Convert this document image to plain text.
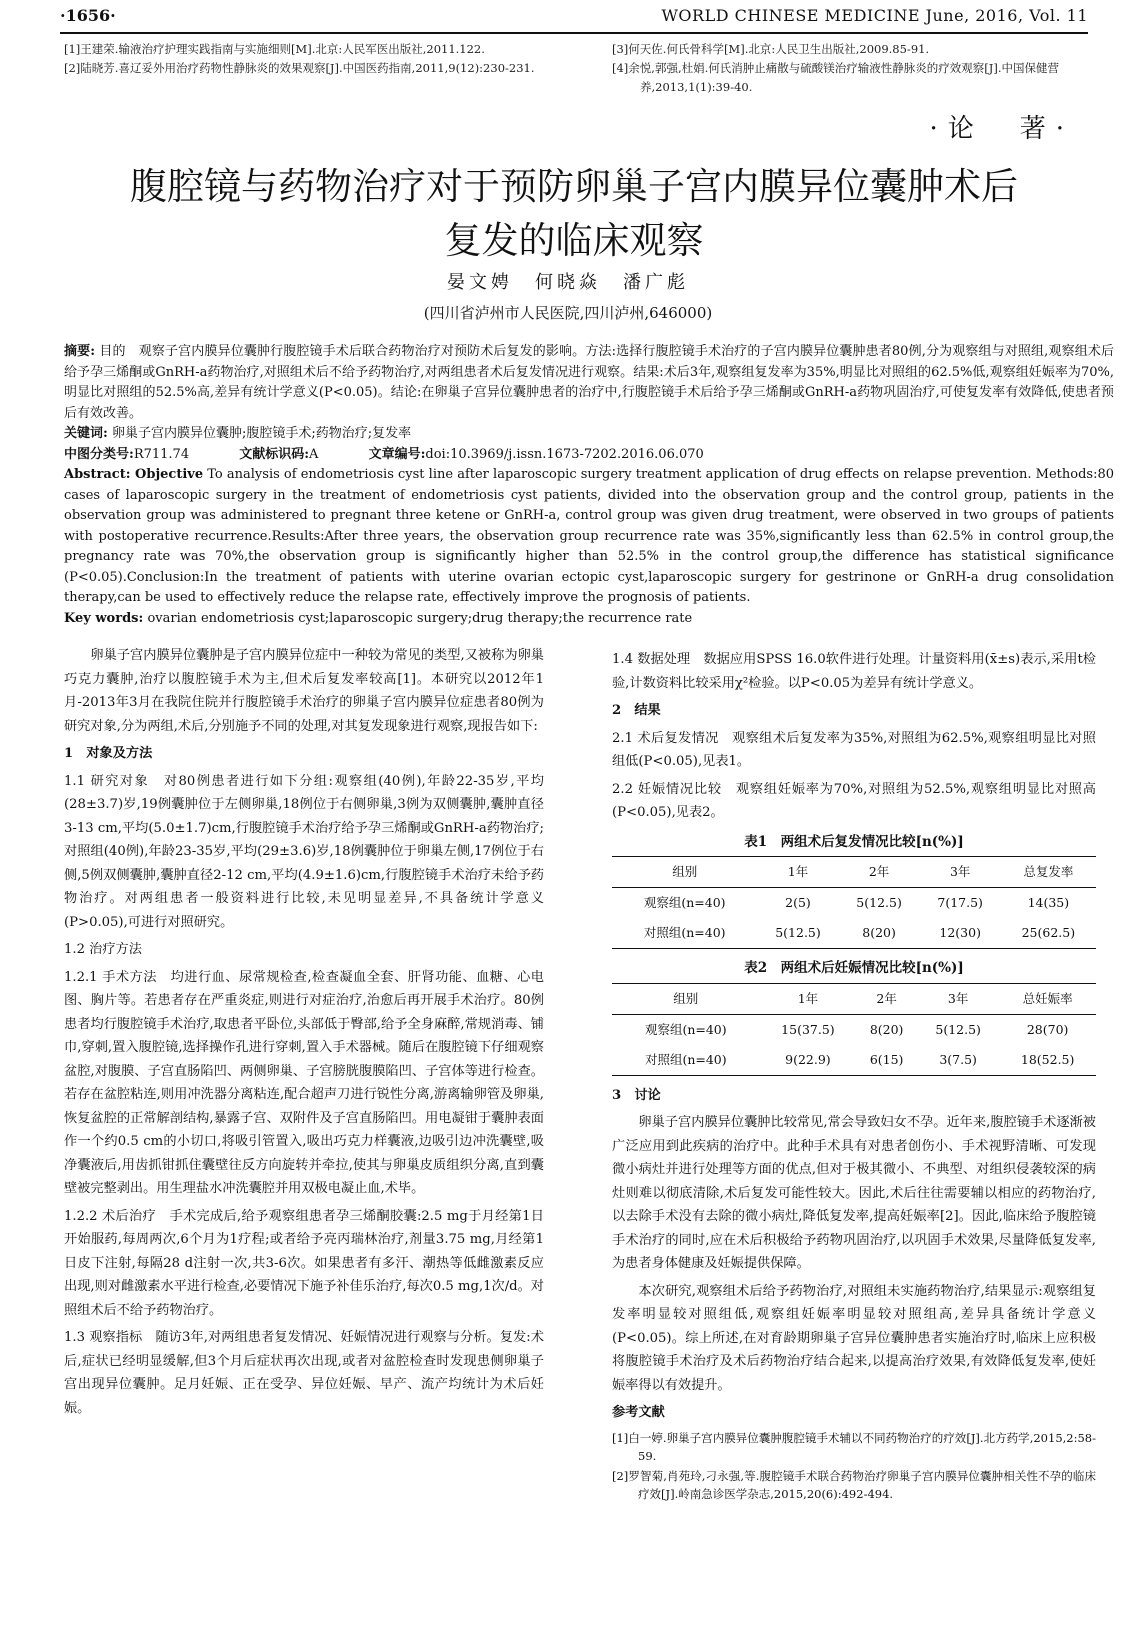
·1656·	WORLD CHINESE MEDICINE June, 2016, Vol. 11
[1]王建荣.输液治疗护理实践指南与实施细则[M].北京:人民军医出版社,2011.122.
[2]陆晓芳.喜辽妥外用治疗药物性静脉炎的效果观察[J].中国医药指南,2011,9(12):230-231.
[3]何天佐.何氏骨科学[M].北京:人民卫生出版社,2009.85-91.
[4]余悦,郭强,杜娟.何氏消肿止痛散与硫酸镁治疗输液性静脉炎的疗效观察[J].中国保健营养,2013,1(1):39-40.
·论　著·
腹腔镜与药物治疗对于预防卵巢子宫内膜异位囊肿术后
复发的临床观察
晏文娉　何晓焱　潘广彪
(四川省泸州市人民医院,四川泸州,646000)

摘要: 目的　观察子宫内膜异位囊肿行腹腔镜手术后联合药物治疗对预防术后复发的影响。方法:选择行腹腔镜手术治疗的子宫内膜异位囊肿患者80例,分为观察组与对照组,观察组术后给予孕三烯酮或GnRH-a药物治疗,对照组术后不给予药物治疗,对两组患者术后复发情况进行观察。结果:术后3年,观察组复发率为35%,明显比对照组的62.5%低,观察组妊娠率为70%,明显比对照组的52.5%高,差异有统计学意义(P<0.05)。结论:在卵巢子宫异位囊肿患者的治疗中,行腹腔镜手术后给予孕三烯酮或GnRH-a药物巩固治疗,可使复发率有效降低,使患者预后有效改善。

关键词: 卵巢子宫内膜异位囊肿;腹腔镜手术;药物治疗;复发率

中图分类号:R711.74	文献标识码:A	文章编号:doi:10.3969/j.issn.1673-7202.2016.06.070

Abstract: Objective To analysis of endometriosis cyst line after laparoscopic surgery treatment application of drug effects on relapse prevention. Methods:80 cases of laparoscopic surgery in the treatment of endometriosis cyst patients, divided into the observation group and the control group, patients in the observation group was administered to pregnant three ketene or GnRH-a, control group was given drug treatment, were observed in two groups of patients with postoperative recurrence.Results:After three years, the observation group recurrence rate was 35%,significantly less than 62.5% in control group,the pregnancy rate was 70%,the observation group is significantly higher than 52.5% in the control group,the difference has statistical significance (P<0.05).Conclusion:In the treatment of patients with uterine ovarian ectopic cyst,laparoscopic surgery for gestrinone or GnRH-a drug consolidation therapy,can be used to effectively reduce the relapse rate, effectively improve the prognosis of patients.

Key words: ovarian endometriosis cyst;laparoscopic surgery;drug therapy;the recurrence rate

卵巢子宫内膜异位囊肿是子宫内膜异位症中一种较为常见的类型,又被称为卵巢巧克力囊肿,治疗以腹腔镜手术为主,但术后复发率较高[1]。本研究以2012年1月-2013年3月在我院住院并行腹腔镜手术治疗的卵巢子宫内膜异位症患者80例为研究对象,分为两组,术后,分别施予不同的处理,对其复发现象进行观察,现报告如下:

1　对象及方法

1.1 研究对象　对80例患者进行如下分组:观察组(40例),年龄22-35岁,平均(28±3.7)岁,19例囊肿位于左侧卵巢,18例位于右侧卵巢,3例为双侧囊肿,囊肿直径3-13 cm,平均(5.0±1.7)cm,行腹腔镜手术治疗给予孕三烯酮或GnRH-a药物治疗;对照组(40例),年龄23-35岁,平均(29±3.6)岁,18例囊肿位于卵巢左侧,17例位于右侧,5例双侧囊肿,囊肿直径2-12 cm,平均(4.9±1.6)cm,行腹腔镜手术治疗未给予药物治疗。对两组患者一般资料进行比较,未见明显差异,不具备统计学意义(P>0.05),可进行对照研究。

1.2 治疗方法

1.2.1 手术方法　均进行血、尿常规检查,检查凝血全套、肝肾功能、血糖、心电图、胸片等。若患者存在严重炎症,则进行对症治疗,治愈后再开展手术治疗。80例患者均行腹腔镜手术治疗,取患者平卧位,头部低于臀部,给予全身麻醉,常规消毒、铺巾,穿刺,置入腹腔镜,选择操作孔进行穿刺,置入手术器械。随后在腹腔镜下仔细观察盆腔,对腹膜、子宫直肠陷凹、两侧卵巢、子宫膀胱腹膜陷凹、子宫体等进行检查。若存在盆腔粘连,则用冲洗器分离粘连,配合超声刀进行锐性分离,游离输卵管及卵巢,恢复盆腔的正常解剖结构,暴露子宫、双附件及子宫直肠陷凹。用电凝钳于囊肿表面作一个约0.5 cm的小切口,将吸引管置入,吸出巧克力样囊液,边吸引边冲洗囊壁,吸净囊液后,用齿抓钳抓住囊壁往反方向旋转并牵拉,使其与卵巢皮质组织分离,直到囊壁被完整剥出。用生理盐水冲洗囊腔并用双极电凝止血,术毕。

1.2.2 术后治疗　手术完成后,给予观察组患者孕三烯酮胶囊:2.5 mg于月经第1日开始服药,每周两次,6个月为1疗程;或者给予亮丙瑞林治疗,剂量3.75 mg,月经第1日皮下注射,每隔28 d注射一次,共3-6次。如果患者有多汗、潮热等低雌激素反应出现,则对雌激素水平进行检查,必要情况下施予补佳乐治疗,每次0.5 mg,1次/d。对照组术后不给予药物治疗。

1.3 观察指标　随访3年,对两组患者复发情况、妊娠情况进行观察与分析。复发:术后,症状已经明显缓解,但3个月后症状再次出现,或者对盆腔检查时发现患侧卵巢子宫出现异位囊肿。足月妊娠、正在受孕、异位妊娠、早产、流产均统计为术后妊娠。

1.4 数据处理　数据应用SPSS 16.0软件进行处理。计量资料用(x̄±s)表示,采用t检验,计数资料比较采用χ²检验。以P<0.05为差异有统计学意义。

2　结果

2.1 术后复发情况　观察组术后复发率为35%,对照组为62.5%,观察组明显比对照组低(P<0.05),见表1。

2.2 妊娠情况比较　观察组妊娠率为70%,对照组为52.5%,观察组明显比对照高(P<0.05),见表2。

表1　两组术后复发情况比较[n(%)]
组别	1年	2年	3年	总复发率
观察组(n=40)	2(5)	5(12.5)	7(17.5)	14(35)
对照组(n=40)	5(12.5)	8(20)	12(30)	25(62.5)
表2　两组术后妊娠情况比较[n(%)]
组别	1年	2年	3年	总妊娠率
观察组(n=40)	15(37.5)	8(20)	5(12.5)	28(70)
对照组(n=40)	9(22.9)	6(15)	3(7.5)	18(52.5)

3　讨论

卵巢子宫内膜异位囊肿比较常见,常会导致妇女不孕。近年来,腹腔镜手术逐渐被广泛应用到此疾病的治疗中。此种手术具有对患者创伤小、手术视野清晰、可发现微小病灶并进行处理等方面的优点,但对于极其微小、不典型、对组织侵袭较深的病灶则难以彻底清除,术后复发可能性较大。因此,术后往往需要辅以相应的药物治疗,以去除手术没有去除的微小病灶,降低复发率,提高妊娠率[2]。因此,临床给予腹腔镜手术治疗的同时,应在术后积极给予药物巩固治疗,以巩固手术效果,尽量降低复发率,为患者身体健康及妊娠提供保障。

本次研究,观察组术后给予药物治疗,对照组未实施药物治疗,结果显示:观察组复发率明显较对照组低,观察组妊娠率明显较对照组高,差异具备统计学意义(P<0.05)。综上所述,在对育龄期卵巢子宫异位囊肿患者实施治疗时,临床上应积极将腹腔镜手术治疗及术后药物治疗结合起来,以提高治疗效果,有效降低复发率,使妊娠率得以有效提升。

参考文献

[1]白一婷.卵巢子宫内膜异位囊肿腹腔镜手术辅以不同药物治疗的疗效[J].北方药学,2015,2:58-59.
[2]罗智菊,肖苑玲,刁永强,等.腹腔镜手术联合药物治疗卵巢子宫内膜异位囊肿相关性不孕的临床疗效[J].岭南急诊医学杂志,2015,20(6):492-494.
